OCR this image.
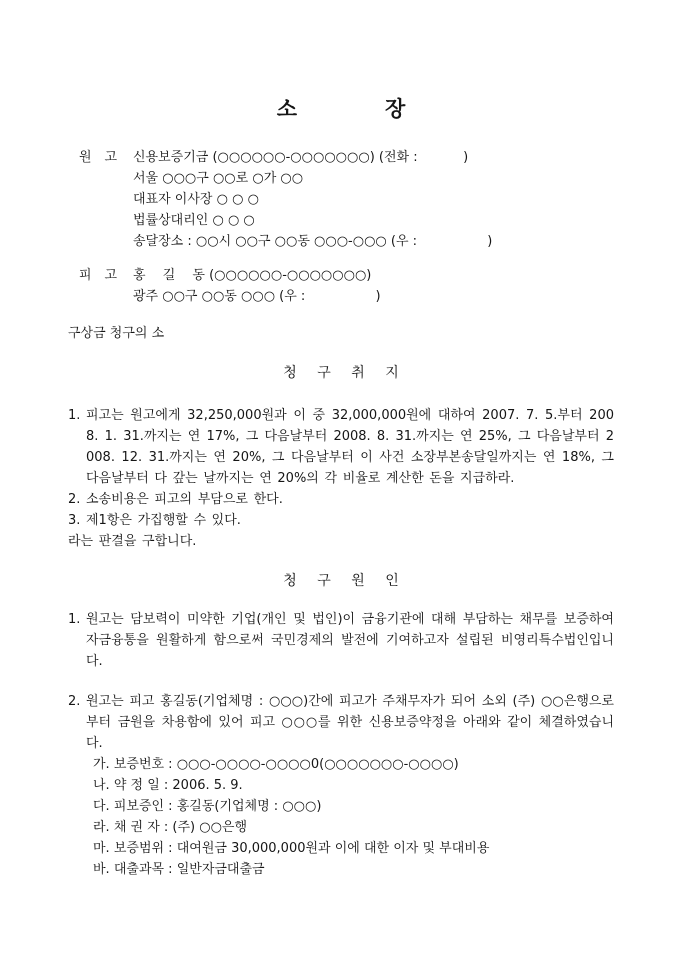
소	장
원　고	신용보증기금 (○○○○○○-○○○○○○○) (전화 :           )
서울 ○○○구 ○○로 ○가 ○○
대표자 이사장 ○ ○ ○
법률상대리인 ○ ○ ○
송달장소 : ○○시 ○○구 ○○동 ○○○-○○○ (우 :                 )
피　고	홍　 길　 동 (○○○○○○-○○○○○○○)
광주 ○○구 ○○동 ○○○ (우 :                 )
구상금 청구의 소
청 구 취 지
1. 피고는 원고에게 32,250,000원과 이 중 32,000,000원에 대하여 2007. 7. 5.부터 2008. 1. 31.까지는 연 17%, 그 다음날부터 2008. 8. 31.까지는 연 25%, 그 다음날부터 2008. 12. 31.까지는 연 20%, 그 다음날부터 이 사건 소장부본송달일까지는 연 18%, 그 다음날부터 다 갚는 날까지는 연 20%의 각 비율로 계산한 돈을 지급하라.
2. 소송비용은 피고의 부담으로 한다.
3. 제1항은 가집행할 수 있다.
라는 판결을 구합니다.
청 구 원 인
1. 원고는 담보력이 미약한 기업(개인 및 법인)이 금융기관에 대해 부담하는 채무를 보증하여 자금융통을 원활하게 함으로써 국민경제의 발전에 기여하고자 설립된 비영리특수법인입니다.
2. 원고는 피고 홍길동(기업체명 : ○○○)간에 피고가 주채무자가 되어 소외 (주) ○○은행으로부터 금원을 차용함에 있어 피고 ○○○를 위한 신용보증약정을 아래와 같이 체결하였습니다.
가. 보증번호 : ○○○-○○○○-○○○○0(○○○○○○○-○○○○)
나. 약 정 일 : 2006. 5. 9.
다. 피보증인 : 홍길동(기업체명 : ○○○)
라. 채 권 자 : (주) ○○은행
마. 보증범위 : 대여원금 30,000,000원과 이에 대한 이자 및 부대비용
바. 대출과목 : 일반자금대출금
